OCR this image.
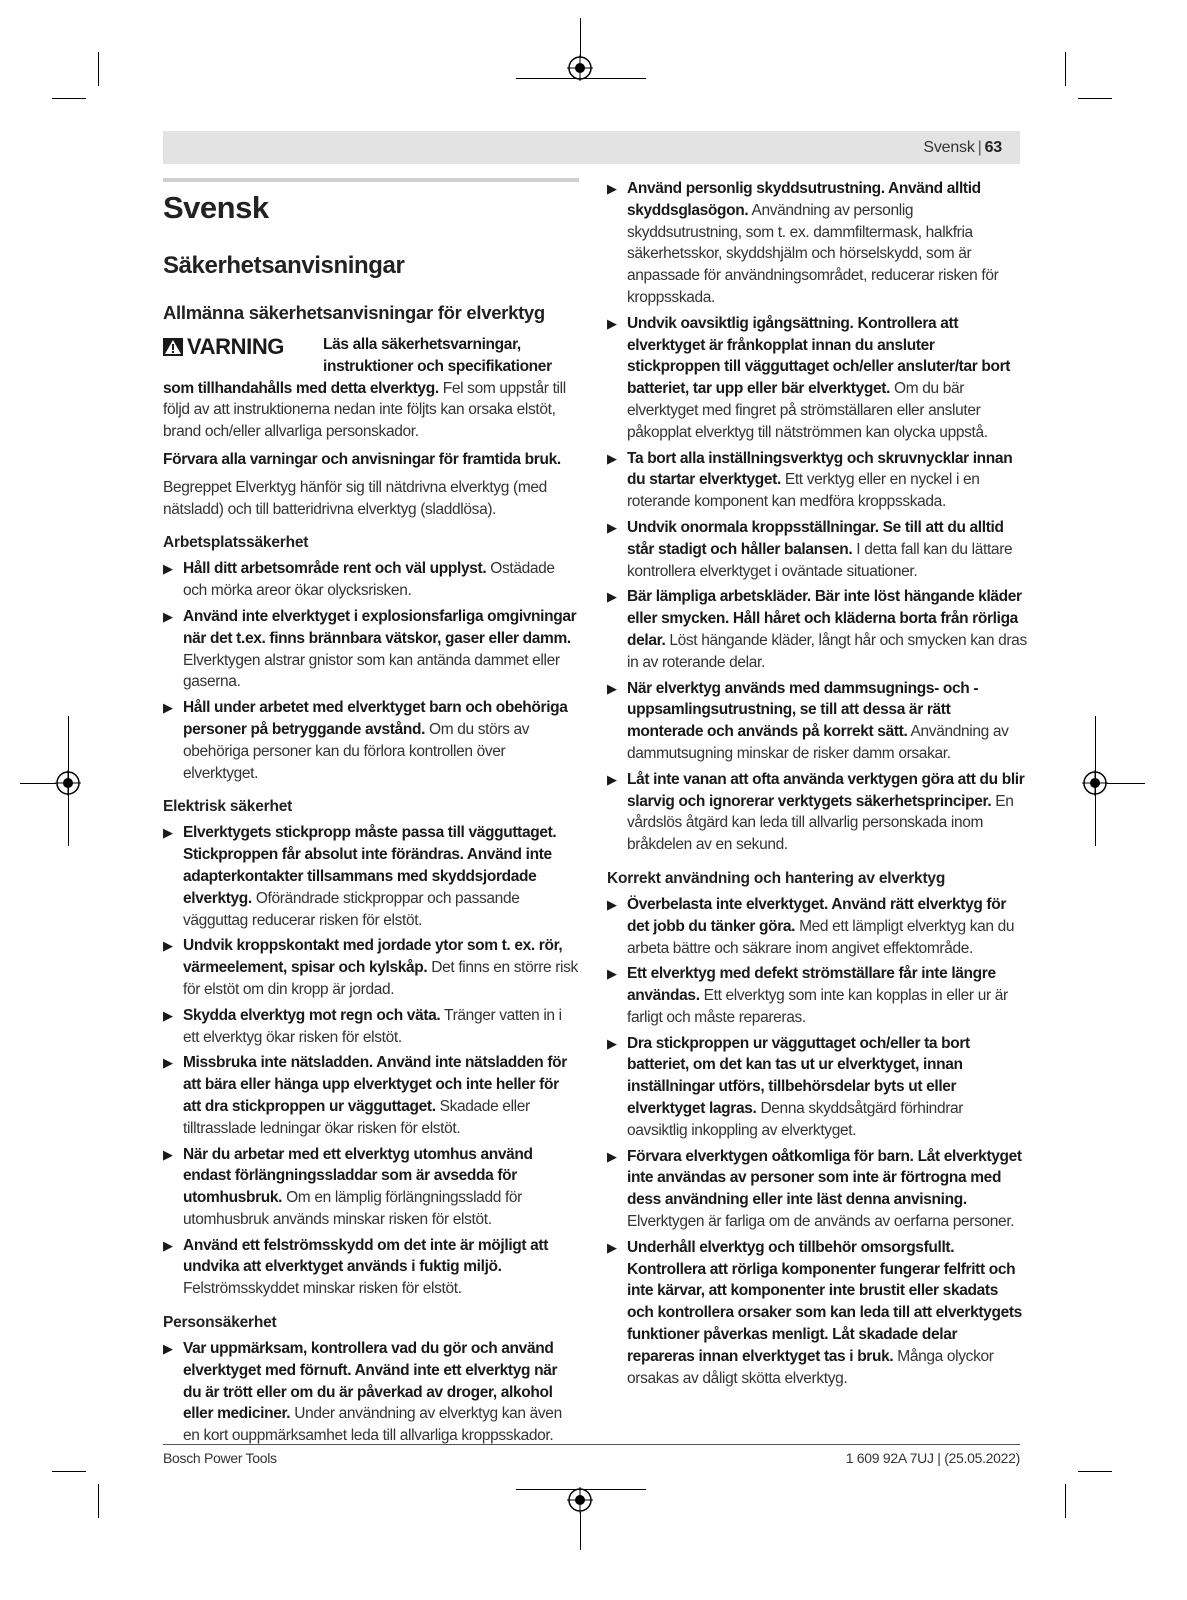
Svensk | 63
Svensk
Säkerhetsanvisningar
Allmänna säkerhetsanvisningar för elverktyg
VARNING	Läs alla säkerhetsvarningar, instruktioner och specifikationer

som tillhandahålls med detta elverktyg. Fel som uppstår till följd av att instruktionerna nedan inte följts kan orsaka elstöt, brand och/eller allvarliga personskador.

Förvara alla varningar och anvisningar för framtida bruk.

Begreppet Elverktyg hänför sig till nätdrivna elverktyg (med nätsladd) och till batteridrivna elverktyg (sladdlösa).

Arbetsplatssäkerhet
▶ Håll ditt arbetsområde rent och väl upplyst. Ostädade och mörka areor ökar olycksrisken.
▶ Använd inte elverktyget i explosionsfarliga omgivningar när det t.ex. finns brännbara vätskor, gaser eller damm. Elverktygen alstrar gnistor som kan antända dammet eller gaserna.
▶ Håll under arbetet med elverktyget barn och obehöriga personer på betryggande avstånd. Om du störs av obehöriga personer kan du förlora kontrollen över elverktyget.
Elektrisk säkerhet
▶ Elverktygets stickpropp måste passa till vägguttaget. Stickproppen får absolut inte förändras. Använd inte adapterkontakter tillsammans med skyddsjordade elverktyg. Oförändrade stickproppar och passande vägguttag reducerar risken för elstöt.
▶ Undvik kroppskontakt med jordade ytor som t. ex. rör, värmeelement, spisar och kylskåp. Det finns en större risk för elstöt om din kropp är jordad.
▶ Skydda elverktyg mot regn och väta. Tränger vatten in i ett elverktyg ökar risken för elstöt.
▶ Missbruka inte nätsladden. Använd inte nätsladden för att bära eller hänga upp elverktyget och inte heller för att dra stickproppen ur vägguttaget. Skadade eller tilltrasslade ledningar ökar risken för elstöt.
▶ När du arbetar med ett elverktyg utomhus använd endast förlängningssladdar som är avsedda för utomhusbruk. Om en lämplig förlängningssladd för utomhusbruk används minskar risken för elstöt.
▶ Använd ett felströmsskydd om det inte är möjligt att undvika att elverktyget används i fuktig miljö. Felströmsskyddet minskar risken för elstöt.
Personsäkerhet
▶ Var uppmärksam, kontrollera vad du gör och använd elverktyget med förnuft. Använd inte ett elverktyg när du är trött eller om du är påverkad av droger, alkohol eller mediciner. Under användning av elverktyg kan även en kort ouppmärksamhet leda till allvarliga kroppsskador.
▶ Använd personlig skyddsutrustning. Använd alltid skyddsglasögon. Användning av personlig skyddsutrustning, som t. ex. dammfiltermask, halkfria säkerhetsskor, skyddshjälm och hörselskydd, som är anpassade för användningsområdet, reducerar risken för kroppsskada.
▶ Undvik oavsiktlig igångsättning. Kontrollera att elverktyget är frånkopplat innan du ansluter stickproppen till vägguttaget och/eller ansluter/tar bort batteriet, tar upp eller bär elverktyget. Om du bär elverktyget med fingret på strömställaren eller ansluter påkopplat elverktyg till nätströmmen kan olycka uppstå.
▶ Ta bort alla inställningsverktyg och skruvnycklar innan du startar elverktyget. Ett verktyg eller en nyckel i en roterande komponent kan medföra kroppsskada.
▶ Undvik onormala kroppsställningar. Se till att du alltid står stadigt och håller balansen. I detta fall kan du lättare kontrollera elverktyget i oväntade situationer.
▶ Bär lämpliga arbetskläder. Bär inte löst hängande kläder eller smycken. Håll håret och kläderna borta från rörliga delar. Löst hängande kläder, långt hår och smycken kan dras in av roterande delar.
▶ När elverktyg används med dammsugnings- och -uppsamlingsutrustning, se till att dessa är rätt monterade och används på korrekt sätt. Användning av dammutsugning minskar de risker damm orsakar.
▶ Låt inte vanan att ofta använda verktygen göra att du blir slarvig och ignorerar verktygets säkerhetsprinciper. En vårdslös åtgärd kan leda till allvarlig personskada inom bråkdelen av en sekund.
Korrekt användning och hantering av elverktyg
▶ Överbelasta inte elverktyget. Använd rätt elverktyg för det jobb du tänker göra. Med ett lämpligt elverktyg kan du arbeta bättre och säkrare inom angivet effektområde.
▶ Ett elverktyg med defekt strömställare får inte längre användas. Ett elverktyg som inte kan kopplas in eller ur är farligt och måste repareras.
▶ Dra stickproppen ur vägguttaget och/eller ta bort batteriet, om det kan tas ut ur elverktyget, innan inställningar utförs, tillbehörsdelar byts ut eller elverktyget lagras. Denna skyddsåtgärd förhindrar oavsiktlig inkoppling av elverktyget.
▶ Förvara elverktygen oåtkomliga för barn. Låt elverktyget inte användas av personer som inte är förtrogna med dess användning eller inte läst denna anvisning. Elverktygen är farliga om de används av oerfarna personer.
▶ Underhåll elverktyg och tillbehör omsorgsfullt. Kontrollera att rörliga komponenter fungerar felfritt och inte kärvar, att komponenter inte brustit eller skadats och kontrollera orsaker som kan leda till att elverktygets funktioner påverkas menligt. Låt skadade delar repareras innan elverktyget tas i bruk. Många olyckor orsakas av dåligt skötta elverktyg.
Bosch Power Tools	1 609 92A 7UJ | (25.05.2022)
